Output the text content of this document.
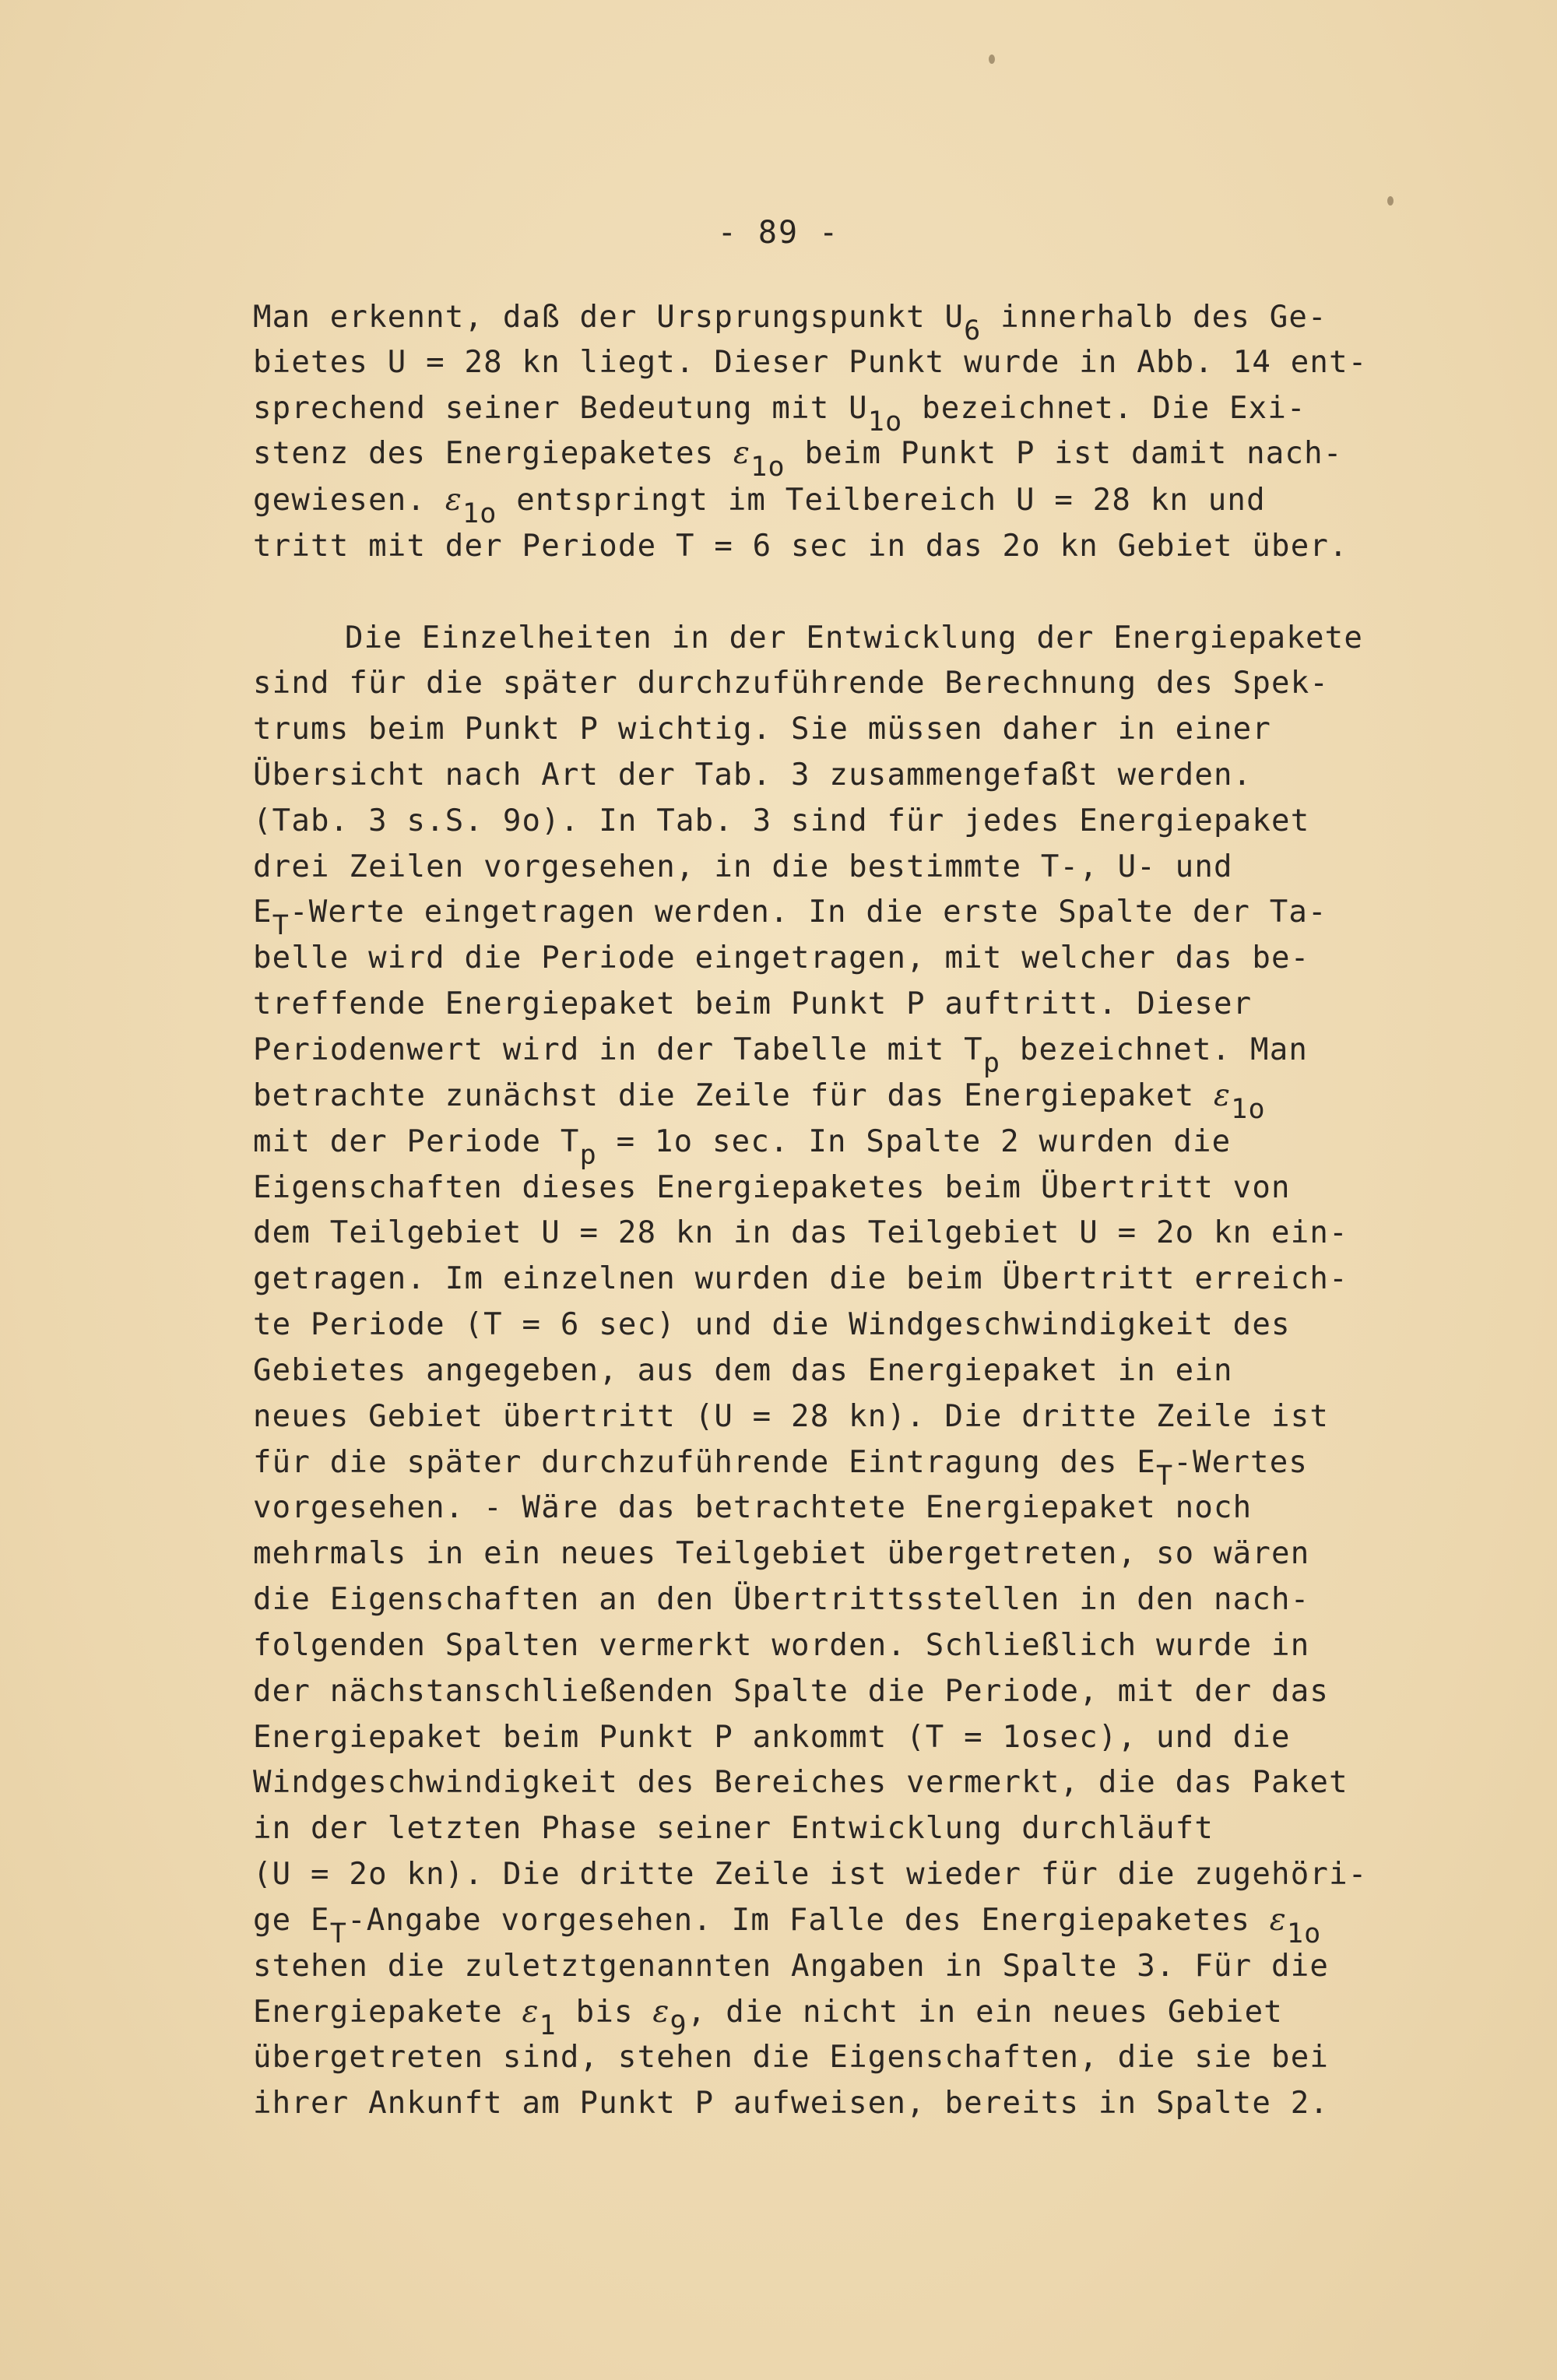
- 89 -
Man erkennt, daß der Ursprungspunkt $U_6$ innerhalb des Ge-
bietes U = 28 kn liegt. Dieser Punkt wurde in Abb. 14 ent-
sprechend seiner Bedeutung mit $U_{1o}$ bezeichnet. Die Exi-
stenz des Energiepaketes $\varepsilon_{1o}$ beim Punkt P ist damit nach-
gewiesen. $\varepsilon_{1o}$ entspringt im Teilbereich U = 28 kn und
tritt mit der Periode T = 6 sec in das 2o kn Gebiet über.
Die Einzelheiten in der Entwicklung der Energiepakete
sind für die später durchzuführende Berechnung des Spek-
trums beim Punkt P wichtig. Sie müssen daher in einer
Übersicht nach Art der Tab. 3 zusammengefaßt werden.
(Tab. 3 s.S. 9o). In Tab. 3 sind für jedes Energiepaket
drei Zeilen vorgesehen, in die bestimmte T-, U- und
$E_T$-Werte eingetragen werden. In die erste Spalte der Ta-
belle wird die Periode eingetragen, mit welcher das be-
treffende Energiepaket beim Punkt P auftritt. Dieser
Periodenwert wird in der Tabelle mit $T_p$ bezeichnet. Man
betrachte zunächst die Zeile für das Energiepaket $\varepsilon_{1o}$
mit der Periode $T_p = 1o$ sec. In Spalte 2 wurden die
Eigenschaften dieses Energiepaketes beim Übertritt von
dem Teilgebiet U = 28 kn in das Teilgebiet U = 2o kn ein-
getragen. Im einzelnen wurden die beim Übertritt erreich-
te Periode (T = 6 sec) und die Windgeschwindigkeit des
Gebietes angegeben, aus dem das Energiepaket in ein
neues Gebiet übertritt (U = 28 kn). Die dritte Zeile ist
für die später durchzuführende Eintragung des $E_T$-Wertes
vorgesehen. - Wäre das betrachtete Energiepaket noch
mehrmals in ein neues Teilgebiet übergetreten, so wären
die Eigenschaften an den Übertrittsstellen in den nach-
folgenden Spalten vermerkt worden. Schließlich wurde in
der nächstanschließenden Spalte die Periode, mit der das
Energiepaket beim Punkt P ankommt (T = 1osec), und die
Windgeschwindigkeit des Bereiches vermerkt, die das Paket
in der letzten Phase seiner Entwicklung durchläuft
(U = 2o kn). Die dritte Zeile ist wieder für die zugehöri-
ge $E_T$-Angabe vorgesehen. Im Falle des Energiepaketes $\varepsilon_{1o}$
stehen die zuletztgenannten Angaben in Spalte 3. Für die
Energiepakete $\varepsilon_1$ bis $\varepsilon_9$, die nicht in ein neues Gebiet
übergetreten sind, stehen die Eigenschaften, die sie bei
ihrer Ankunft am Punkt P aufweisen, bereits in Spalte 2.
